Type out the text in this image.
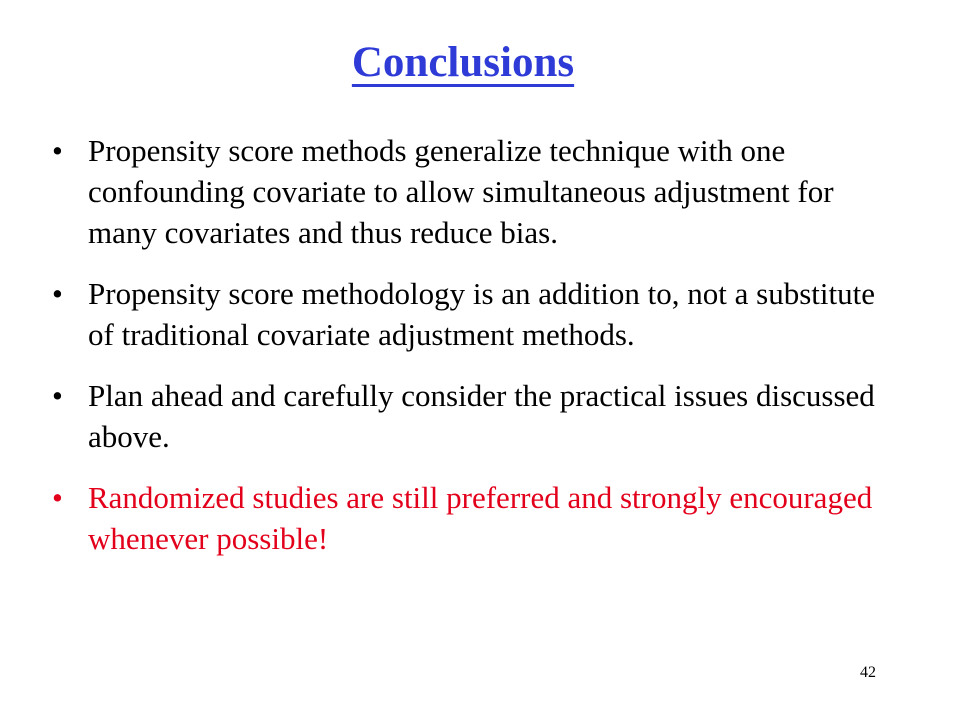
Conclusions
• Propensity score methods generalize technique with one confounding covariate to allow simultaneous adjustment for many covariates and thus reduce bias.
• Propensity score methodology is an addition to, not a substitute of traditional covariate adjustment methods.
• Plan ahead and carefully consider the practical issues discussed above.
• Randomized studies are still preferred and strongly encouraged whenever possible!
42
